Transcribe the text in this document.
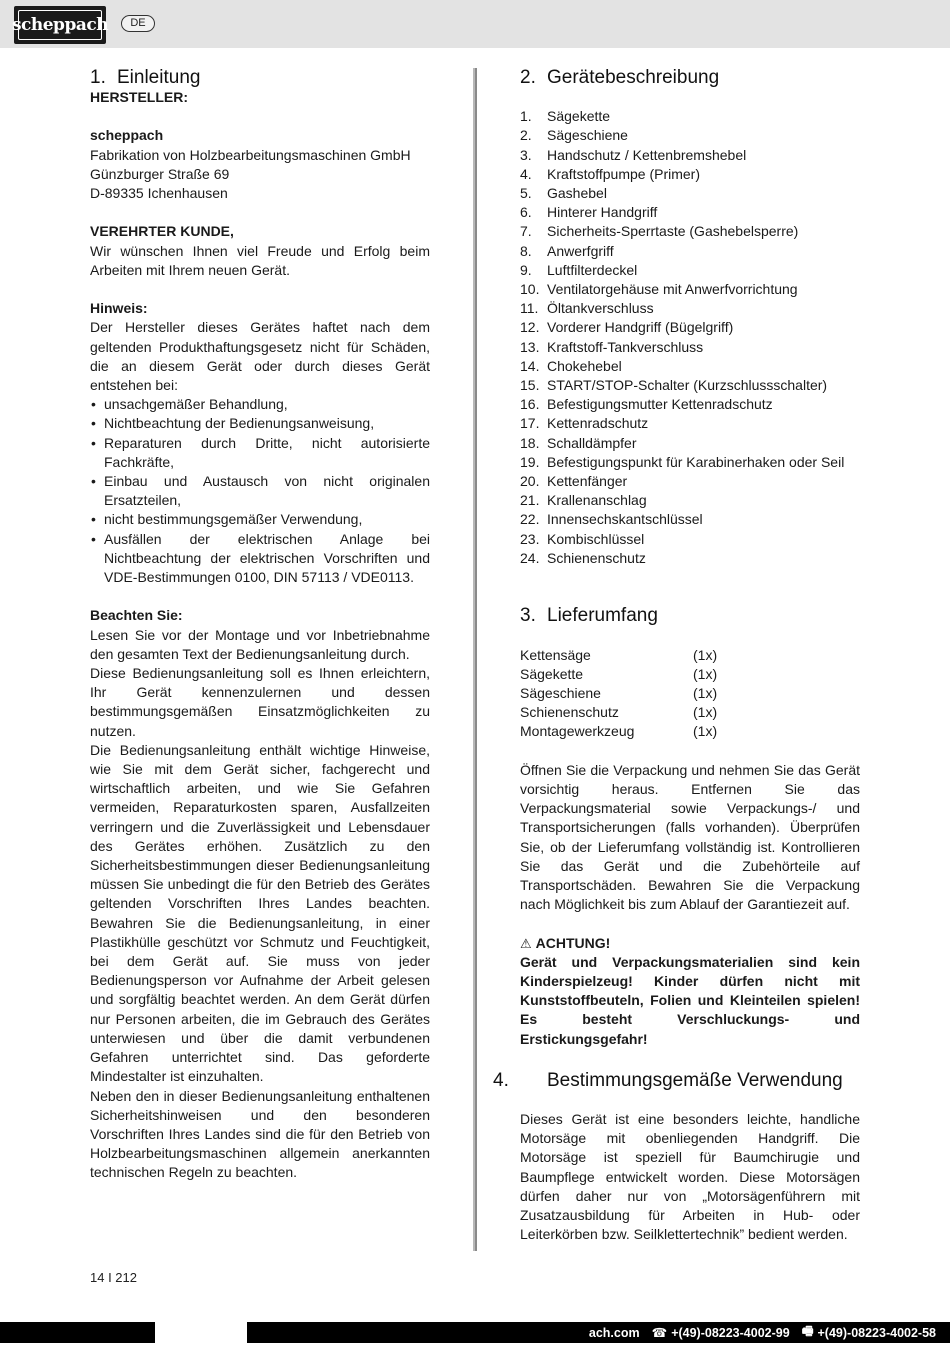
scheppach	DE
1. Einleitung
HERSTELLER:
scheppach
Fabrikation von Holzbearbeitungsmaschinen GmbH
Günzburger Straße 69
D-89335 Ichenhausen
VEREHRTER KUNDE,

Wir wünschen Ihnen viel Freude und Erfolg beim Arbeiten mit Ihrem neuen Gerät.

Hinweis:

Der Hersteller dieses Gerätes haftet nach dem geltenden Produkthaftungsgesetz nicht für Schäden, die an diesem Gerät oder durch dieses Gerät entstehen bei:

• unsachgemäßer Behandlung,
• Nichtbeachtung der Bedienungsanweisung,
• Reparaturen durch Dritte, nicht autorisierte Fachkräfte,
• Einbau und Austausch von nicht originalen Ersatzteilen,
• nicht bestimmungsgemäßer Verwendung,
• Ausfällen der elektrischen Anlage bei Nichtbeachtung der elektrischen Vorschriften und VDE-Bestimmungen 0100, DIN 57113 / VDE0113.
Beachten Sie:

Lesen Sie vor der Montage und vor Inbetriebnahme den gesamten Text der Bedienungsanleitung durch.

Diese Bedienungsanleitung soll es Ihnen erleichtern, Ihr Gerät kennenzulernen und dessen bestimmungsgemäßen Einsatzmöglichkeiten zu nutzen.

Die Bedienungsanleitung enthält wichtige Hinweise, wie Sie mit dem Gerät sicher, fachgerecht und wirtschaftlich arbeiten, und wie Sie Gefahren vermeiden, Reparaturkosten sparen, Ausfallzeiten verringern und die Zuverlässigkeit und Lebensdauer des Gerätes erhöhen. Zusätzlich zu den Sicherheitsbestimmungen dieser Bedienungsanleitung müssen Sie unbedingt die für den Betrieb des Gerätes geltenden Vorschriften Ihres Landes beachten. Bewahren Sie die Bedienungsanleitung, in einer Plastikhülle geschützt vor Schmutz und Feuchtigkeit, bei dem Gerät auf. Sie muss von jeder Bedienungsperson vor Aufnahme der Arbeit gelesen und sorgfältig beachtet werden. An dem Gerät dürfen nur Personen arbeiten, die im Gebrauch des Gerätes unterwiesen und über die damit verbundenen Gefahren unterrichtet sind. Das geforderte Mindestalter ist einzuhalten.

Neben den in dieser Bedienungsanleitung enthaltenen Sicherheitshinweisen und den besonderen Vorschriften Ihres Landes sind die für den Betrieb von Holzbearbeitungsmaschinen allgemein anerkannten technischen Regeln zu beachten.

2. Gerätebeschreibung
1.	Sägekette
2.	Sägeschiene
3.	Handschutz / Kettenbremshebel
4.	Kraftstoffpumpe (Primer)
5.	Gashebel
6.	Hinterer Handgriff
7.	Sicherheits-Sperrtaste (Gashebelsperre)
8.	Anwerfgriff
9.	Luftfilterdeckel
10. Ventilatorgehäuse mit Anwerfvorrichtung
11. Öltankverschluss
12. Vorderer Handgriff (Bügelgriff)
13. Kraftstoff-Tankverschluss
14. Chokehebel
15. START/STOP-Schalter (Kurzschlussschalter)
16. Befestigungsmutter Kettenradschutz
17. Kettenradschutz
18. Schalldämpfer
19. Befestigungspunkt für Karabinerhaken oder Seil
20. Kettenfänger
21. Krallenanschlag
22. Innensechskantschlüssel
23. Kombischlüssel
24. Schienenschutz
3. Lieferumfang
Kettensäge	(1x)
Sägekette	(1x)
Sägeschiene	(1x)
Schienenschutz	(1x)
Montagewerkzeug	(1x)

Öffnen Sie die Verpackung und nehmen Sie das Gerät vorsichtig heraus. Entfernen Sie das Verpackungsmaterial sowie Verpackungs-/ und Transportsicherungen (falls vorhanden). Überprüfen Sie, ob der Lieferumfang vollständig ist. Kontrollieren Sie das Gerät und die Zubehörteile auf Transportschäden. Bewahren Sie die Verpackung nach Möglichkeit bis zum Ablauf der Garantiezeit auf.

⚠ ACHTUNG!

Gerät und Verpackungsmaterialien sind kein Kinderspielzeug! Kinder dürfen nicht mit Kunststoffbeuteln, Folien und Kleinteilen spielen! Es besteht Verschluckungs- und Erstickungsgefahr!

4. Bestimmungsgemäße Verwendung

Dieses Gerät ist eine besonders leichte, handliche Motorsäge mit obenliegenden Handgriff. Die Motorsäge ist speziell für Baumchirugie und Baumpflege entwickelt worden. Diese Motorsägen dürfen daher nur von „Motorsägenführern mit Zusatzausbildung für Arbeiten in Hub- oder Leiterkörben bzw. Seilklettertechnik” bedient werden.

14 I 212
ach.com ☎ +(49)-08223-4002-99 🖷 +(49)-08223-4002-58
